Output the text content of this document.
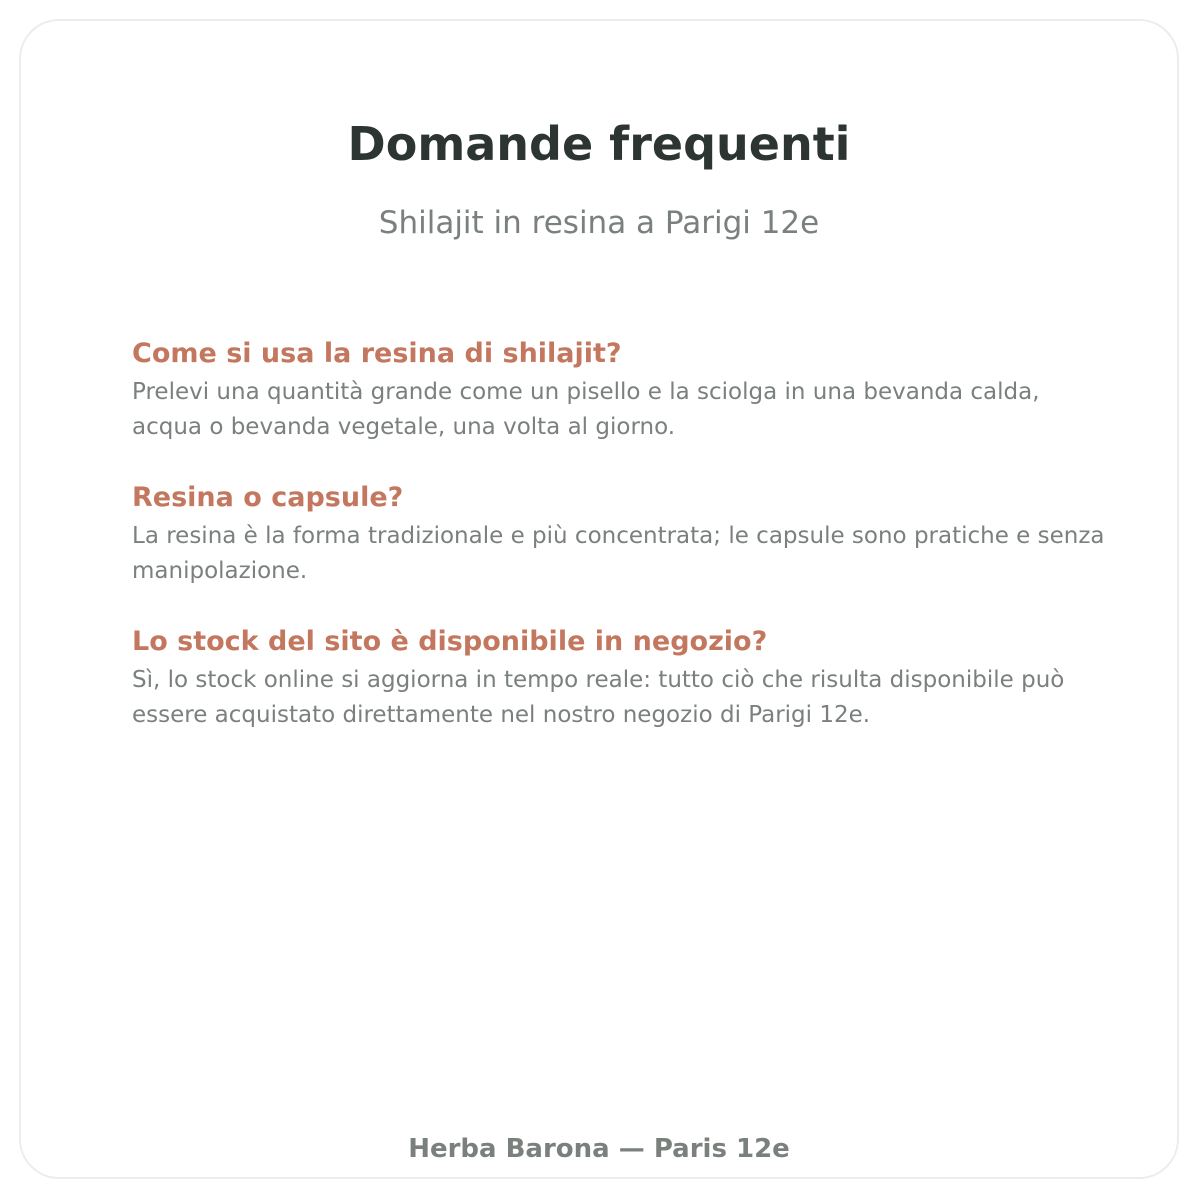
Domande frequenti

Shilajit in resina a Parigi 12e

Come si usa la resina di shilajit?

Prelevi una quantità grande come un pisello e la sciolga in una bevanda calda, acqua o bevanda vegetale, una volta al giorno.

Resina o capsule?

La resina è la forma tradizionale e più concentrata; le capsule sono pratiche e senza manipolazione.

Lo stock del sito è disponibile in negozio?

Sì, lo stock online si aggiorna in tempo reale: tutto ciò che risulta disponibile può essere acquistato direttamente nel nostro negozio di Parigi 12e.

Herba Barona — Paris 12e
